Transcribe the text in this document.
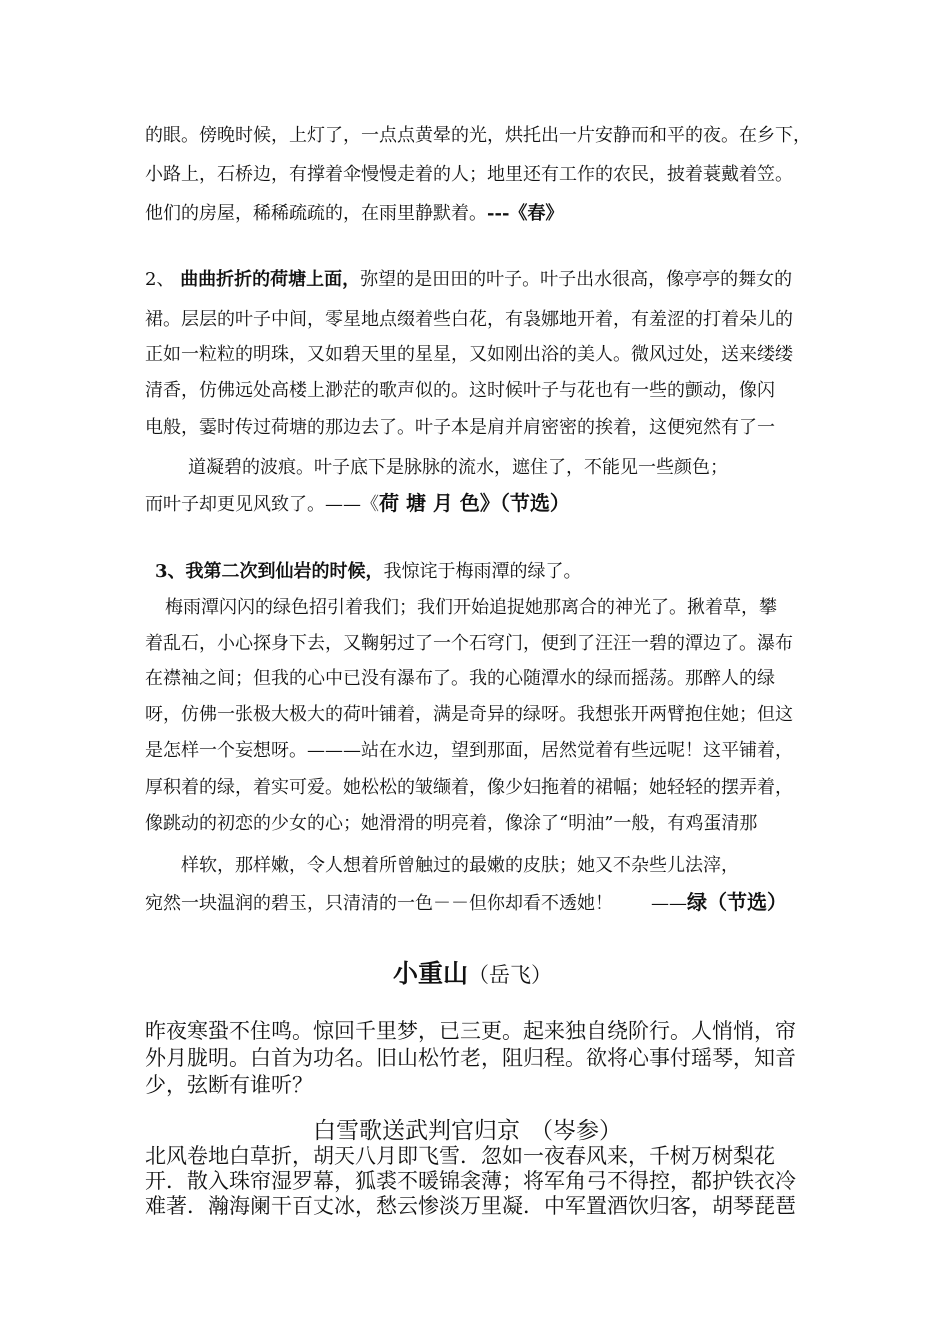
的眼。傍晚时候，上灯了，一点点黄晕的光，烘托出一片安静而和平的夜。在乡下，
小路上，石桥边，有撑着伞慢慢走着的人；地里还有工作的农民，披着蓑戴着笠。
他们的房屋，稀稀疏疏的，在雨里静默着。---《春》
2、 曲曲折折的荷塘上面，弥望的是田田的叶子。叶子出水很高，像亭亭的舞女的
裙。层层的叶子中间，零星地点缀着些白花，有袅娜地开着，有羞涩的打着朵儿的
正如一粒粒的明珠，又如碧天里的星星，又如刚出浴的美人。微风过处，送来缕缕
清香，仿佛远处高楼上渺茫的歌声似的。这时候叶子与花也有一些的颤动，像闪
电般，霎时传过荷塘的那边去了。叶子本是肩并肩密密的挨着，这便宛然有了一
道凝碧的波痕。叶子底下是脉脉的流水，遮住了，不能见一些颜色；
而叶子却更见风致了。——《荷 塘 月 色》（节选）
3、我第二次到仙岩的时候，我惊诧于梅雨潭的绿了。
梅雨潭闪闪的绿色招引着我们；我们开始追捉她那离合的神光了。揪着草，攀
着乱石，小心探身下去，又鞠躬过了一个石穹门，便到了汪汪一碧的潭边了。瀑布
在襟袖之间；但我的心中已没有瀑布了。我的心随潭水的绿而摇荡。那醉人的绿
呀，仿佛一张极大极大的荷叶铺着，满是奇异的绿呀。我想张开两臂抱住她；但这
是怎样一个妄想呀。———站在水边，望到那面，居然觉着有些远呢！这平铺着，
厚积着的绿，着实可爱。她松松的皱缬着，像少妇拖着的裙幅；她轻轻的摆弄着，
像跳动的初恋的少女的心；她滑滑的明亮着，像涂了“明油”一般，有鸡蛋清那
样软，那样嫩，令人想着所曾触过的最嫩的皮肤；她又不杂些儿法滓，
宛然一块温润的碧玉，只清清的一色－－但你却看不透她！ ——绿（节选）
小重山（岳飞）
昨夜寒蛩不住鸣。惊回千里梦，已三更。起来独自绕阶行。人悄悄，帘
外月胧明。白首为功名。旧山松竹老，阻归程。欲将心事付瑶琴，知音
少，弦断有谁听？
白雪歌送武判官归京 （岑参）
北风卷地白草折，胡天八月即飞雪．忽如一夜春风来，千树万树梨花
开．散入珠帘湿罗幕，狐裘不暖锦衾薄；将军角弓不得控，都护铁衣冷
难著．瀚海阑干百丈冰，愁云惨淡万里凝．中军置酒饮归客，胡琴琵琶
